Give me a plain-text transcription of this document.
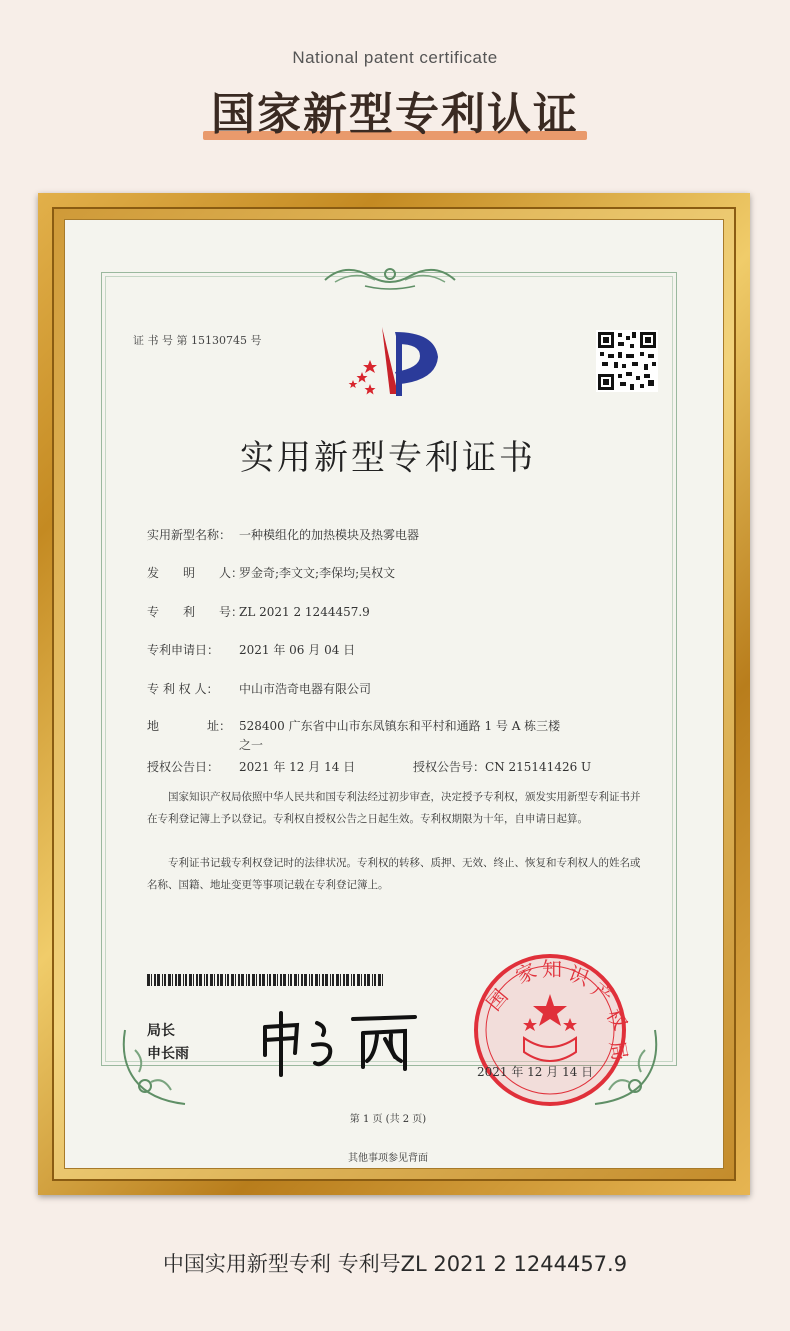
National patent certificate
国家新型专利认证
证 书 号 第 15130745 号
实用新型专利证书
实用新型名称： 一种模组化的加热模块及热雾电器
发　　明　　人：罗金奇;李文文;李保均;吴权文
专　　利　　号：ZL 2021 2 1244457.9
专利申请日： 2021 年 06 月 04 日
专 利 权 人： 中山市浩奇电器有限公司
地　　　　址： 528400 广东省中山市东凤镇东和平村和通路 1 号 A 栋三楼
之一
授权公告日： 2021 年 12 月 14 日	授权公告号：CN 215141426 U
国家知识产权局依照中华人民共和国专利法经过初步审查，决定授予专利权，颁发实用新型专利证书并在专利登记簿上予以登记。专利权自授权公告之日起生效。专利权期限为十年，自申请日起算。
专利证书记载专利权登记时的法律状况。专利权的转移、质押、无效、终止、恢复和专利权人的姓名或名称、国籍、地址变更等事项记载在专利登记簿上。
局长
申长雨
国
家 知 识
产
权
局
2021 年 12 月 14 日
第 1 页 (共 2 页)
其他事项参见背面
中国实用新型专利 专利号ZL 2021 2 1244457.9
